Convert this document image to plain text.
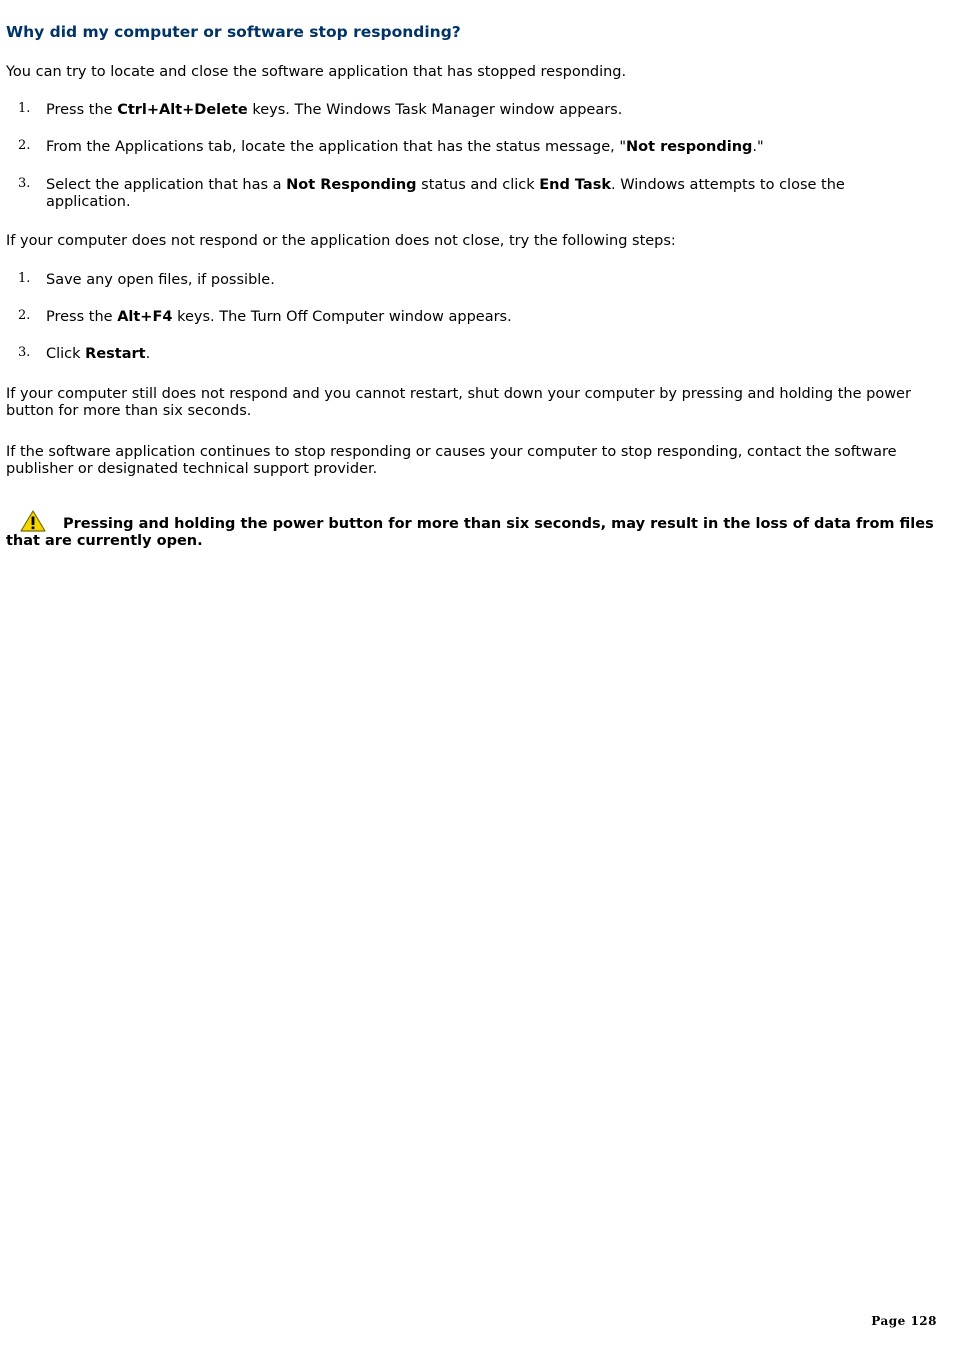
Why did my computer or software stop responding?

You can try to locate and close the software application that has stopped responding.

1. Press the Ctrl+Alt+Delete keys. The Windows Task Manager window appears.
2. From the Applications tab, locate the application that has the status message, "Not responding."
3. Select the application that has a Not Responding status and click End Task. Windows attempts to close the application.

If your computer does not respond or the application does not close, try the following steps:

1. Save any open files, if possible.
2. Press the Alt+F4 keys. The Turn Off Computer window appears.
3. Click Restart.

If your computer still does not respond and you cannot restart, shut down your computer by pressing and holding the power button for more than six seconds.

If the software application continues to stop responding or causes your computer to stop responding, contact the software publisher or designated technical support provider.

Pressing and holding the power button for more than six seconds, may result in the loss of data from files that are currently open.
Page 128
